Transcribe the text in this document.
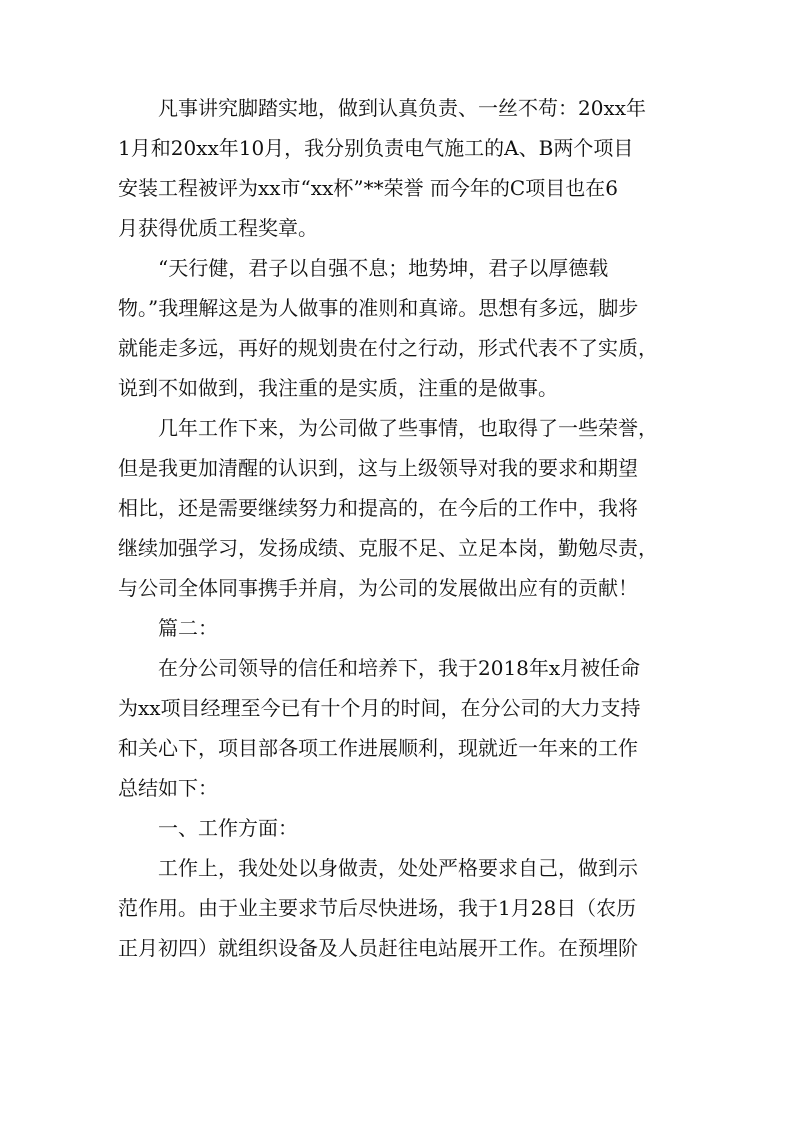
凡事讲究脚踏实地，做到认真负责、一丝不苟：20xx年
1月和20xx年10月，我分别负责电气施工的A、B两个项目
安装工程被评为xx市“xx杯”**荣誉 而今年的C项目也在6
月获得优质工程奖章。
“天行健，君子以自强不息；地势坤，君子以厚德载
物。”我理解这是为人做事的准则和真谛。思想有多远，脚步
就能走多远，再好的规划贵在付之行动，形式代表不了实质，
说到不如做到，我注重的是实质，注重的是做事。
几年工作下来，为公司做了些事情，也取得了一些荣誉，
但是我更加清醒的认识到，这与上级领导对我的要求和期望
相比，还是需要继续努力和提高的，在今后的工作中，我将
继续加强学习，发扬成绩、克服不足、立足本岗，勤勉尽责，
与公司全体同事携手并肩，为公司的发展做出应有的贡献！
篇二：
在分公司领导的信任和培养下，我于2018年x月被任命
为xx项目经理至今已有十个月的时间，在分公司的大力支持
和关心下，项目部各项工作进展顺利，现就近一年来的工作
总结如下：
一、工作方面：
工作上，我处处以身做责，处处严格要求自己，做到示
范作用。由于业主要求节后尽快进场，我于1月28日（农历
正月初四）就组织设备及人员赶往电站展开工作。在预埋阶
